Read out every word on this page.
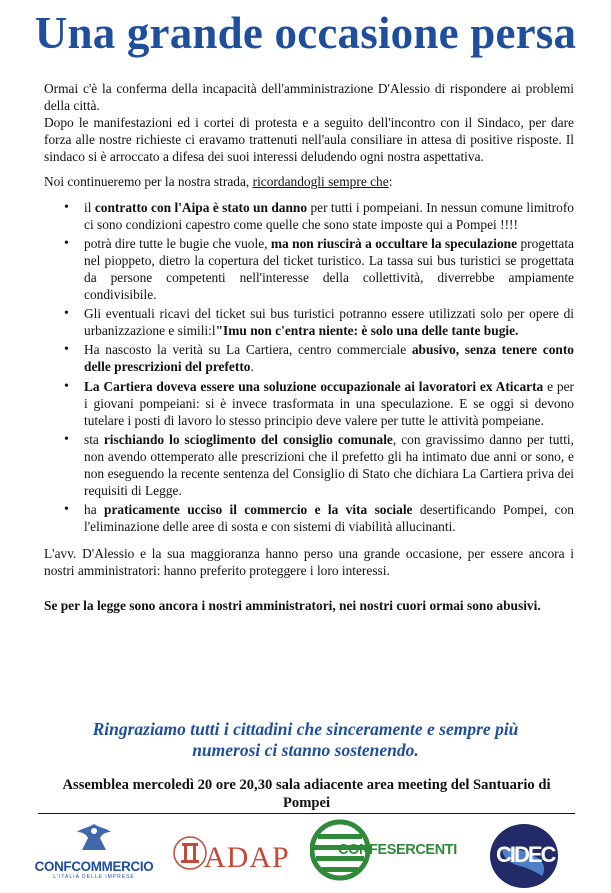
Una grande occasione persa

Ormai c'è la conferma della incapacità dell'amministrazione D'Alessio di rispondere ai problemi della città.

Dopo le manifestazioni ed i cortei di protesta e a seguito dell'incontro con il Sindaco, per dare forza alle nostre richieste ci eravamo trattenuti nell'aula consiliare in attesa di positive risposte. Il sindaco si è arroccato a difesa dei suoi interessi deludendo ogni nostra aspettativa.

Noi continueremo per la nostra strada, ricordandogli sempre che:

• il contratto con l'Aipa è stato un danno per tutti i pompeiani. In nessun comune limitrofo ci sono condizioni capestro come quelle che sono state imposte qui a Pompei !!!!
• potrà dire tutte le bugie che vuole, ma non riuscirà a occultare la speculazione progettata nel pioppeto, dietro la copertura del ticket turistico. La tassa sui bus turistici se progettata da persone competenti nell'interesse della collettività, diverrebbe ampiamente condivisibile.
• Gli eventuali ricavi del ticket sui bus turistici potranno essere utilizzati solo per opere di urbanizzazione e simili:l"Imu non c'entra niente: è solo una delle tante bugie.
• Ha nascosto la verità su La Cartiera, centro commerciale abusivo, senza tenere conto delle prescrizioni del prefetto.
• La Cartiera doveva essere una soluzione occupazionale ai lavoratori ex Aticarta e per i giovani pompeiani: si è invece trasformata in una speculazione. E se oggi si devono tutelare i posti di lavoro lo stesso principio deve valere per tutte le attività pompeiane.
• sta rischiando lo scioglimento del consiglio comunale, con gravissimo danno per tutti, non avendo ottemperato alle prescrizioni che il prefetto gli ha intimato due anni or sono, e non eseguendo la recente sentenza del Consiglio di Stato che dichiara La Cartiera priva dei requisiti di Legge.
• ha praticamente ucciso il commercio e la vita sociale desertificando Pompei, con l'eliminazione delle aree di sosta e con sistemi di viabilità allucinanti.

L'avv. D'Alessio e la sua maggioranza hanno perso una grande occasione, per essere ancora i nostri amministratori: hanno preferito proteggere i loro interessi.

Se per la legge sono ancora i nostri amministratori, nei nostri cuori ormai sono abusivi.

Ringraziamo tutti i cittadini che sinceramente e sempre più
numerosi ci stanno sostenendo.
Assemblea mercoledì 20 ore 20,30 sala adiacente area meeting del Santuario di Pompei
CONFCOMMERCIO
L'ITALIA DELLE IMPRESE
ADAP	CONFESERCENTI CIDEC
